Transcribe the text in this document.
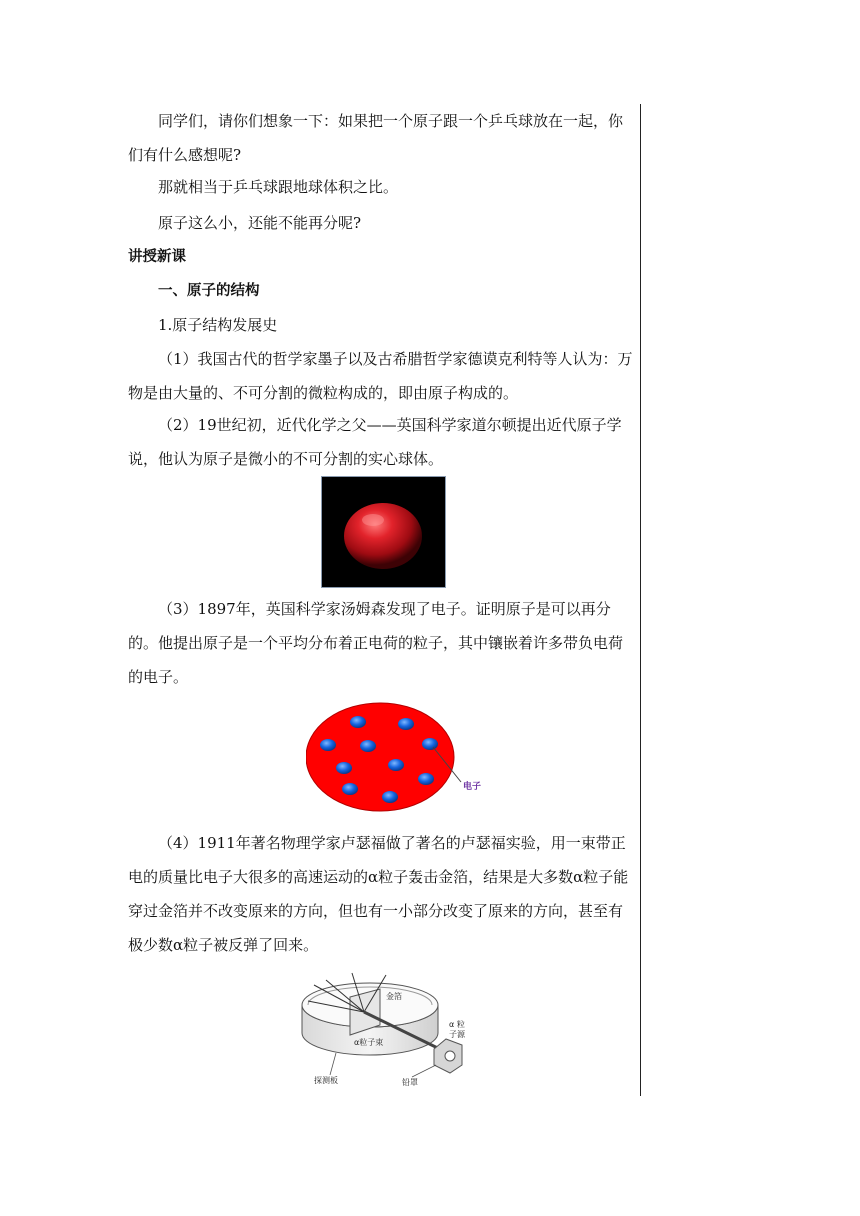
同学们，请你们想象一下：如果把一个原子跟一个乒乓球放在一起，你们有什么感想呢?

那就相当于乒乓球跟地球体积之比。

原子这么小，还能不能再分呢?

讲授新课

一、原子的结构

1.原子结构发展史

（1）我国古代的哲学家墨子以及古希腊哲学家德谟克利特等人认为：万物是由大量的、不可分割的微粒构成的，即由原子构成的。

（2）19世纪初，近代化学之父——英国科学家道尔顿提出近代原子学说，他认为原子是微小的不可分割的实心球体。

（3）1897年，英国科学家汤姆森发现了电子。证明原子是可以再分的。他提出原子是一个平均分布着正电荷的粒子，其中镶嵌着许多带负电荷的电子。

电子

（4）1911年著名物理学家卢瑟福做了著名的卢瑟福实验，用一束带正电的质量比电子大很多的高速运动的α粒子轰击金箔，结果是大多数α粒子能穿过金箔并不改变原来的方向，但也有一小部分改变了原来的方向，甚至有极少数α粒子被反弹了回来。

金箔
α 粒
子源
α粒子束
探测板	铅罩
